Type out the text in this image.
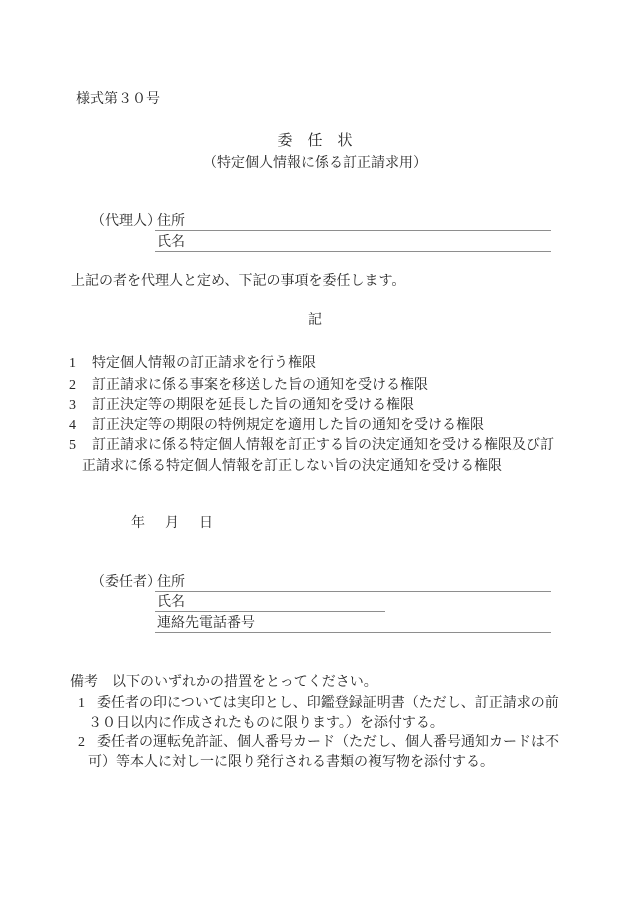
様式第３０号
委　任　状
（特定個人情報に係る訂正請求用）
（代理人）
住所
氏名
上記の者を代理人と定め、下記の事項を委任します。
記
1 特定個人情報の訂正請求を行う権限
2 訂正請求に係る事案を移送した旨の通知を受ける権限
3 訂正決定等の期限を延長した旨の通知を受ける権限
4 訂正決定等の期限の特例規定を適用した旨の通知を受ける権限
5 訂正請求に係る特定個人情報を訂正する旨の決定通知を受ける権限及び訂正請求に係る特定個人情報を訂正しない旨の決定通知を受ける権限
年　月　日
（委任者）
住所
氏名
連絡先電話番号
備考　以下のいずれかの措置をとってください。
1 委任者の印については実印とし、印鑑登録証明書（ただし、訂正請求の前３０日以内に作成されたものに限ります。）を添付する。
2 委任者の運転免許証、個人番号カード（ただし、個人番号通知カードは不可）等本人に対し一に限り発行される書類の複写物を添付する。
